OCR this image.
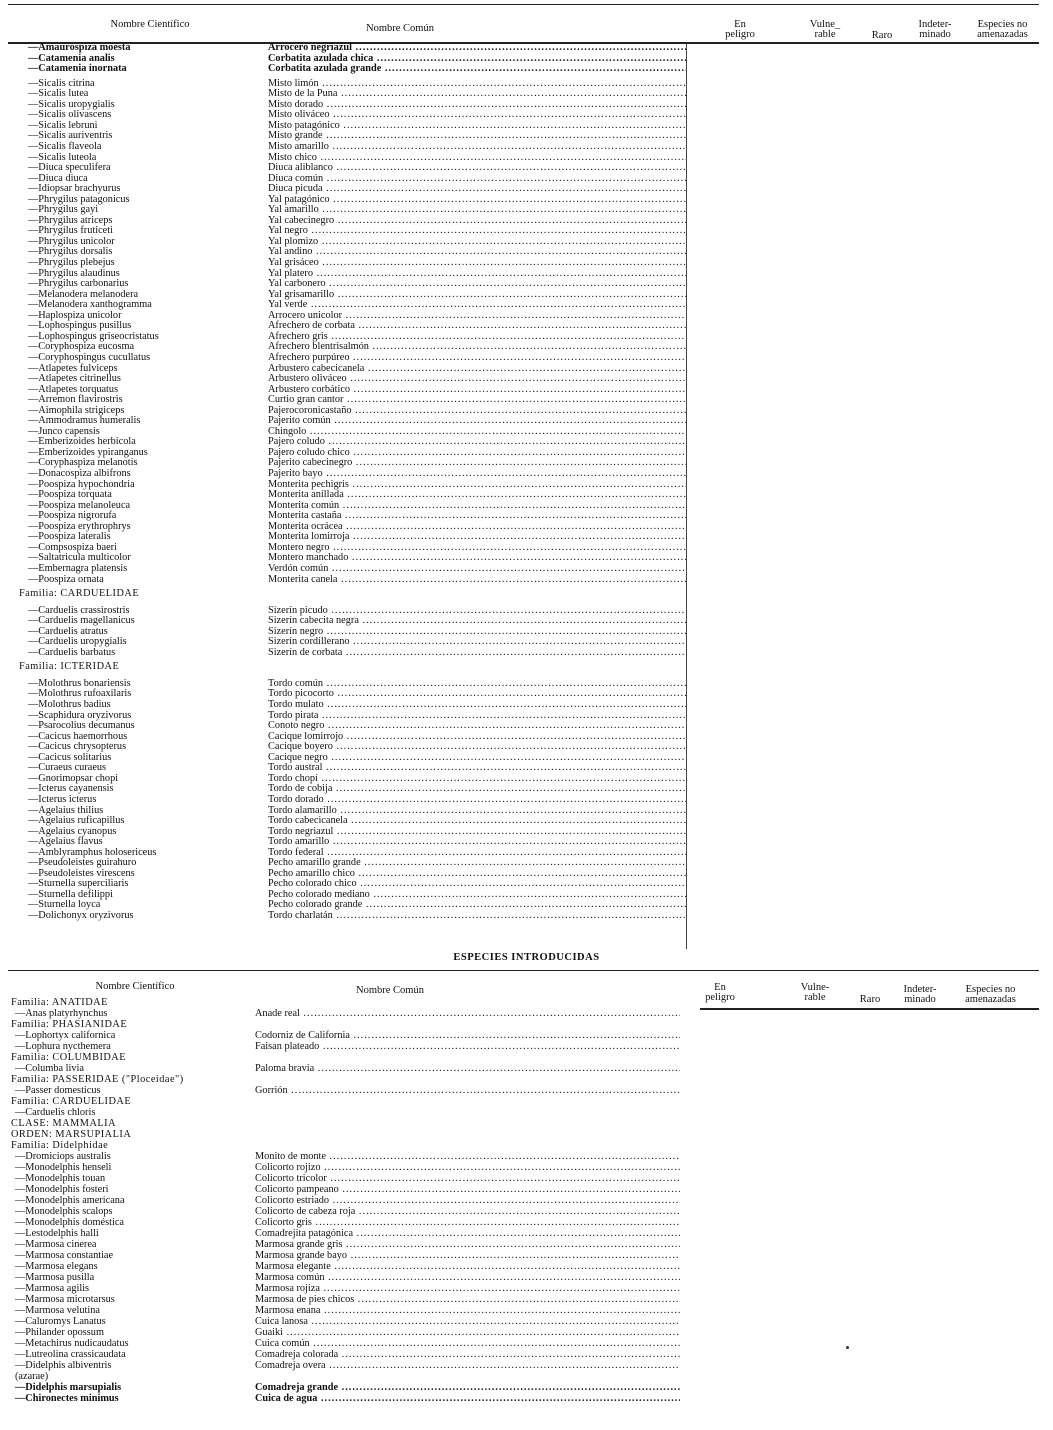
Nombre Científico	Nombre Común	En
peligro
Vulne_
rable	Raro
Indeter-
minado
Especies no
amenazadas
—Amaurospiza moesta	Arrocero negriazul .....
—Catamenia analis	Corbatita azulada chica .....
—Catamenia inornata	Corbatita azulada grande .....
—Sicalis citrina	Misto limón .....
—Sicalis lutea	Misto de la Puna .....
—Sicalis uropygialis	Misto dorado .....
—Sicalis olivascens	Misto oliváceo .....
—Sicalis lebruni	Misto patagónico .....
—Sicalis auriventris	Misto grande .....
—Sicalis flaveola	Misto amarillo .....
—Sicalis luteola	Misto chico .....
—Diuca speculifera	Diuca aliblanco .....
—Diuca diuca	Diuca común .....
—Idiopsar brachyurus	Diuca picuda .....
—Phrygilus patagonicus	Yal patagónico .....
—Phrygilus gayi	Yal amarillo .....
—Phrygilus atriceps	Yal cabecinegro .....
—Phrygilus fruticeti	Yal negro .....
—Phrygilus unicolor	Yal plomizo .....
—Phrygilus dorsalis	Yal andino .....
—Phrygilus plebejus	Yal grisáceo .....
—Phrygilus alaudinus	Yal platero .....
—Phrygilus carbonarius	Yal carbonero .....
—Melanodera melanodera	Yal grisamarillo .....
—Melanodera xanthogramma	Yal verde .....
—Haplospiza unicolor	Arrocero unicolor .....
—Lophospingus pusillus	Afrechero de corbata .....
—Lophospingus griseocristatus	Afrechero gris .....
—Coryphospiza eucosma	Afrechero blentrisalmón .....
—Coryphospingus cucullatus	Afrechero purpúreo .....
—Atlapetes fulviceps	Arbustero cabecicanela .....
—Atlapetes citrinellus	Arbustero oliváceo .....
—Atlapetes torquatus	Arbustero corbático .....
—Arremon flavirostris	Curtio gran cantor .....
—Aimophila strigiceps	Pajerocoronicastaño .....
—Ammodramus humeralis	Pajerito común .....
—Junco capensis	Chingolo .....
—Emberizoides herbicola	Pajero coludo .....
—Emberizoides ypiranganus	Pajero coludo chico .....
—Coryphaspiza melanotis	Pajerito cabecinegro .....
—Donacospiza albifrons	Pajerito bayo .....
—Poospiza hypochondria	Monterita pechigris .....
—Poospiza torquata	Monterita anillada .....
—Poospiza melanoleuca	Monterita común .....
—Poospiza nigrorufa	Monterita castaña .....
—Poospiza erythrophrys	Monterita ocrácea .....
—Poospiza lateralis	Monterita lomirroja .....
—Compsospiza baeri	Montero negro .....
—Saltatricula multicolor	Montero manchado .....
—Embernagra platensis	Verdón común .....
—Poospiza ornata	Monterita canela .....
Familia: CARDUELIDAE
—Carduelis crassirostris	Sizerín picudo .....
—Carduelis magellanicus	Sizerín cabecita negra .....
—Carduelis atratus	Sizerín negro .....
—Carduelis uropygialis	Sizerín cordillerano .....
—Carduelis barbatus	Sizerín de corbata .....
Familia: ICTERIDAE
—Molothrus bonariensis	Tordo común .....
—Molothrus rufoaxilaris	Tordo picocorto .....
—Molothrus badius	Tordo mulato .....
—Scaphidura oryzivorus	Tordo pirata .....
—Psarocolius decumanus	Conoto negro .....
—Cacicus haemorrhous	Cacique lomirrojo .....
—Cacicus chrysopterus	Cacique boyero .....
—Cacicus solitarius	Cacique negro .....
—Curaeus curaeus	Tordo austral .....
—Gnorimopsar chopi	Tordo chopí .....
—Icterus cayanensis	Tordo de cobija .....
—Icterus icterus	Tordo dorado .....
—Agelaius thilius	Tordo alamarillo .....
—Agelaius ruficapillus	Tordo cabecicanela .....
—Agelaius cyanopus	Tordo negriazul .....
—Agelaius flavus	Tordo amarillo .....
—Amblyramphus holosericeus	Tordo federal .....
—Pseudoleistes guirahuro	Pecho amarillo grande .....
—Pseudoleistes virescens	Pecho amarillo chico .....
—Sturnella superciliaris	Pecho colorado chico .....
—Sturnella defilippi	Pecho colorado mediano .....
—Sturnella loyca	Pecho colorado grande .....
—Dolichonyx oryzivorus	Tordo charlatán .....
ESPECIES INTRODUCIDAS
Nombre Científico	Nombre Común	En
peligro
Vulne-
rable	Raro
Indeter-
minado
Especies no
amenazadas
Familia: ANATIDAE
—Anas platyrhynchus	Anade real .....
Familia: PHASIANIDAE
—Lophortyx californica	Codorniz de California .....
—Lophura nycthemera	Faisan plateado .....
Familia: COLUMBIDAE
—Columba livia	Paloma bravia .....
Familia: PASSERIDAE ("Ploceidae")
—Passer domesticus	Gorrión .....
Familia: CARDUELIDAE
—Carduelis chloris
CLASE: MAMMALIA
ORDEN: MARSUPIALIA
Familia: Didelphidae
—Dromiciops australis	Monito de monte .....
—Monodelphis henseli	Colicorto rojizo .....
—Monodelphis touan	Colicorto tricolor .....
—Monodelphis fosteri	Colicorto pampeano .....
—Monodelphis americana	Colicorto estriado .....
—Monodelphis scalops	Colicorto de cabeza roja .....
—Monodelphis doméstica	Colicorto gris .....
—Lestodelphis halli	Comadrejita patagónica .....
—Marmosa cinerea	Marmosa grande gris .....
—Marmosa constantiae	Marmosa grande bayo .....
—Marmosa elegans	Marmosa elegante .....
—Marmosa pusilla	Marmosa común .....
—Marmosa agilis	Marmosa rojiza .....
—Marmosa microtarsus	Marmosa de pies chicos .....
—Marmosa velutina	Marmosa enana .....
—Caluromys Lanatus	Cuica lanosa .....
—Philander opossum	Guaiki .....
—Metachirus nudicaudatus	Cuica común .....
—Lutreolina crassicaudata	Comadreja colorada .....
—Didelphis albiventris	Comadreja overa .....
(azarae)
—Didelphis marsupialis	Comadreja grande .....
—Chironectes minimus	Cuica de agua .....
